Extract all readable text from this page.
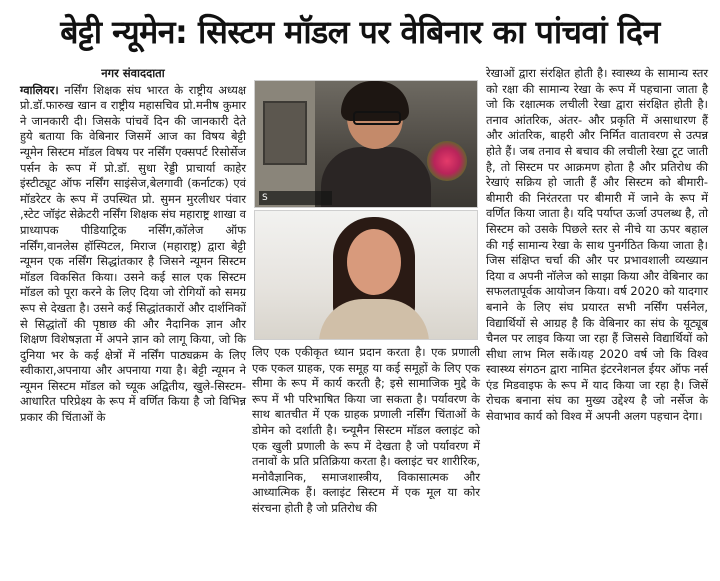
बेट्टी न्यूमेन: सिस्टम मॉडल पर वेबिनार का पांचवां दिन
नगर संवाददाता

ग्वालियर। नर्सिंग शिक्षक संघ भारत के राष्ट्रीय अध्यक्ष प्रो.डॉ.फारुख खान व राष्ट्रीय महासचिव प्रो.मनीष कुमार ने जानकारी दी। जिसके पांचवें दिन की जानकारी देते हुये बताया कि वेबिनार जिसमें आज का विषय बेट्टी न्यूमेन सिस्टम मॉडल विषय पर नर्सिंग एक्सपर्ट रिसोर्सेज पर्सन के रूप में प्रो.डॉ. सुधा रेड्डी प्राचार्या काहेर इंस्टीट्यूट ऑफ नर्सिंग साइंसेज,बेलगावी (कर्नाटक) एवं मॉडरेटर के रूप में उपस्थित प्रो. सुमन मुरलीधर पंवार ,स्टेट जॉइंट सेक्रेटरी नर्सिंग शिक्षक संघ महाराष्ट्र शाखा व प्राध्यापक पीडियाट्रिक नर्सिंग,कॉलेज ऑफ नर्सिंग,वानलेस हॉस्पिटल, मिराज (महाराष्ट्र) द्वारा बेट्टी न्यूमन एक नर्सिंग सिद्धांतकार है जिसने न्यूमन सिस्टम मॉडल विकसित किया। उसने कई साल एक सिस्टम मॉडल को पूरा करने के लिए दिया जो रोगियों को समग्र रूप से देखता है। उसने कई सिद्धांतकारों और दार्शनिकों से सिद्धांतों की पृष्ठाछ की और नैदानिक ज्ञान और शिक्षण विशेषज्ञता में अपने ज्ञान को लागू किया, जो कि दुनिया भर के कई क्षेत्रों में नर्सिंग पाठ्यक्रम के लिए स्वीकारा,अपनाया और अपनाया गया है। बेट्टी न्यूमन ने न्यूमन सिस्टम मॉडल को च्यूक अद्वितीय, खुले-सिस्टम-आधारित परिप्रेक्ष्य के रूप में वर्णित किया है जो विभिन्न प्रकार की चिंताओं के

S

लिए एक एकीकृत ध्यान प्रदान करता है। एक प्रणाली एक एकल ग्राहक, एक समूह या कई समूहों के लिए एक सीमा के रूप में कार्य करती है; इसे सामाजिक मुद्दे के रूप में भी परिभाषित किया जा सकता है। पर्यावरण के साथ बातचीत में एक ग्राहक प्रणाली नर्सिंग चिंताओं के डोमेन को दर्शाती है। च्न्यूमैन सिस्टम मॉडल क्लाइंट को एक खुली प्रणाली के रूप में देखता है जो पर्यावरण में तनावों के प्रति प्रतिक्रिया करता है। क्लाइंट चर शारीरिक, मनोवैज्ञानिक, समाजशास्त्रीय, विकासात्मक और आध्यात्मिक हैं। क्लाइंट सिस्टम में एक मूल या कोर संरचना होती है जो प्रतिरोध की

रेखाओं द्वारा संरक्षित होती है। स्वास्थ्य के सामान्य स्तर को रक्षा की सामान्य रेखा के रूप में पहचाना जाता है जो कि रक्षात्मक लचीली रेखा द्वारा संरक्षित होती है। तनाव आंतरिक, अंतर- और प्रकृति में असाधारण हैं और आंतरिक, बाहरी और निर्मित वातावरण से उत्पन्न होते हैं। जब तनाव से बचाव की लचीली रेखा टूट जाती है, तो सिस्टम पर आक्रमण होता है और प्रतिरोध की रेखाएं सक्रिय हो जाती हैं और सिस्टम को बीमारी-बीमारी की निरंतरता पर बीमारी में जाने के रूप में वर्णित किया जाता है। यदि पर्याप्त ऊर्जा उपलब्ध है, तो सिस्टम को उसके पिछले स्तर से नीचे या ऊपर बहाल की गई सामान्य रेखा के साथ पुनर्गठित किया जाता है।जिस संक्षिप्त चर्चा की और पर प्रभावशाली व्यख्यान दिया व अपनी नॉलेज को साझा किया और वेबिनार का सफलतापूर्वक आयोजन किया। वर्ष 2020 को यादगार बनाने के लिए संघ प्रयारत सभी नर्सिंग पर्सनेल, विद्यार्थियों से आग्रह है कि वेबिनार का संघ के यूट्यूब चैनल पर लाइव किया जा रहा हैं जिससे विद्यार्थियों को सीधा लाभ मिल सकें।यह 2020 वर्ष जो कि विश्व स्वास्थ्य संगठन द्वारा नामित इंटरनेशनल ईयर ऑफ नर्स एंड मिडवाइफ के रूप में याद किया जा रहा है। जिसें रोचक बनाना संघ का मुख्य उद्देश्य है जो नर्सेज के सेवाभाव कार्य को विश्व में अपनी अलग पहचान देगा।
